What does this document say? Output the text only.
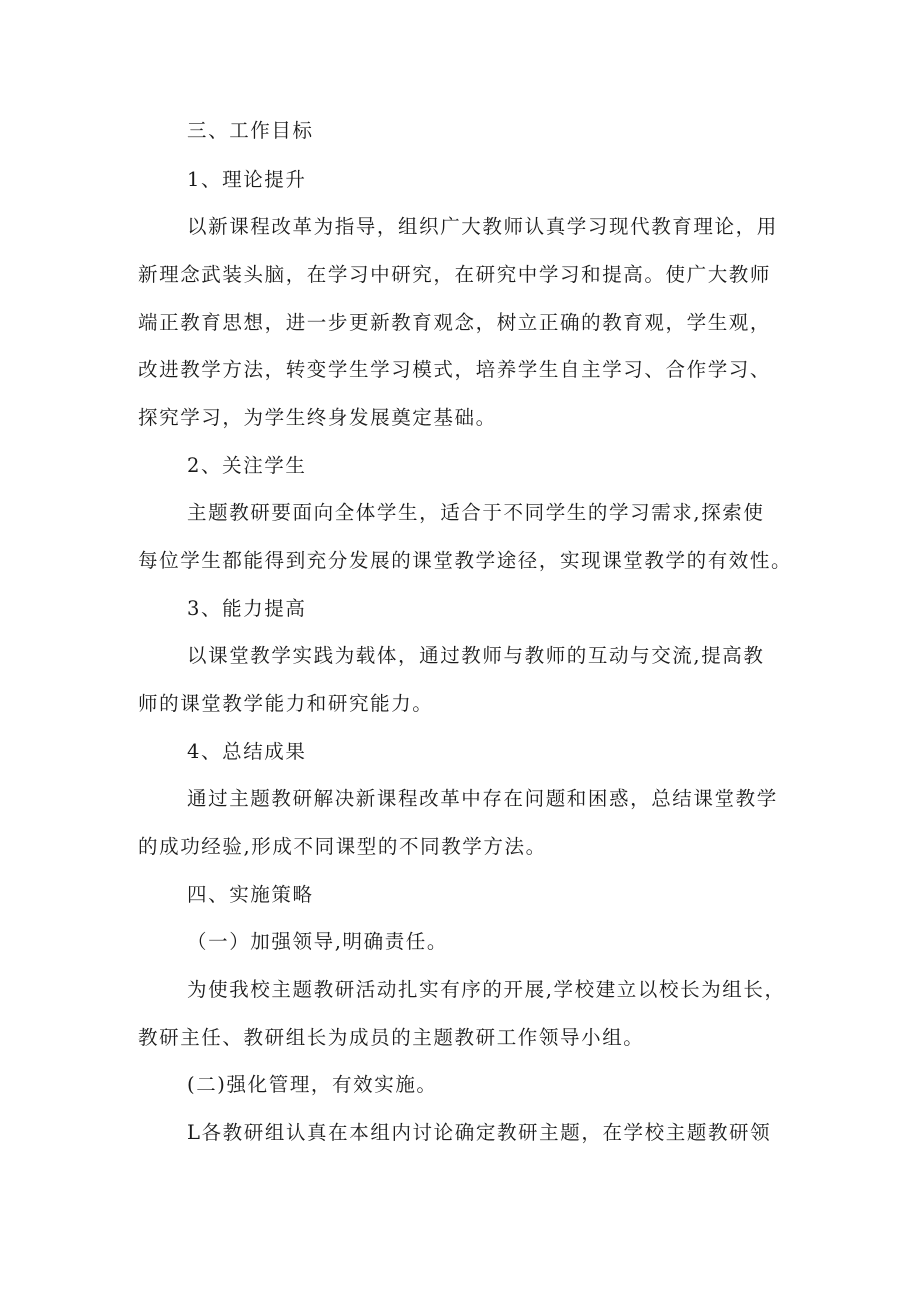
三、工作目标
1、理论提升
以新课程改革为指导，组织广大教师认真学习现代教育理论，用
新理念武装头脑，在学习中研究，在研究中学习和提高。使广大教师
端正教育思想，进一步更新教育观念，树立正确的教育观，学生观，
改进教学方法，转变学生学习模式，培养学生自主学习、合作学习、
探究学习，为学生终身发展奠定基础。
2、关注学生
主题教研要面向全体学生，适合于不同学生的学习需求,探索使
每位学生都能得到充分发展的课堂教学途径，实现课堂教学的有效性。
3、能力提高
以课堂教学实践为载体，通过教师与教师的互动与交流,提高教
师的课堂教学能力和研究能力。
4、总结成果
通过主题教研解决新课程改革中存在问题和困惑，总结课堂教学
的成功经验,形成不同课型的不同教学方法。
四、实施策略
（一）加强领导,明确责任。
为使我校主题教研活动扎实有序的开展,学校建立以校长为组长，
教研主任、教研组长为成员的主题教研工作领导小组。
(二)强化管理，有效实施。
L各教研组认真在本组内讨论确定教研主题，在学校主题教研领
